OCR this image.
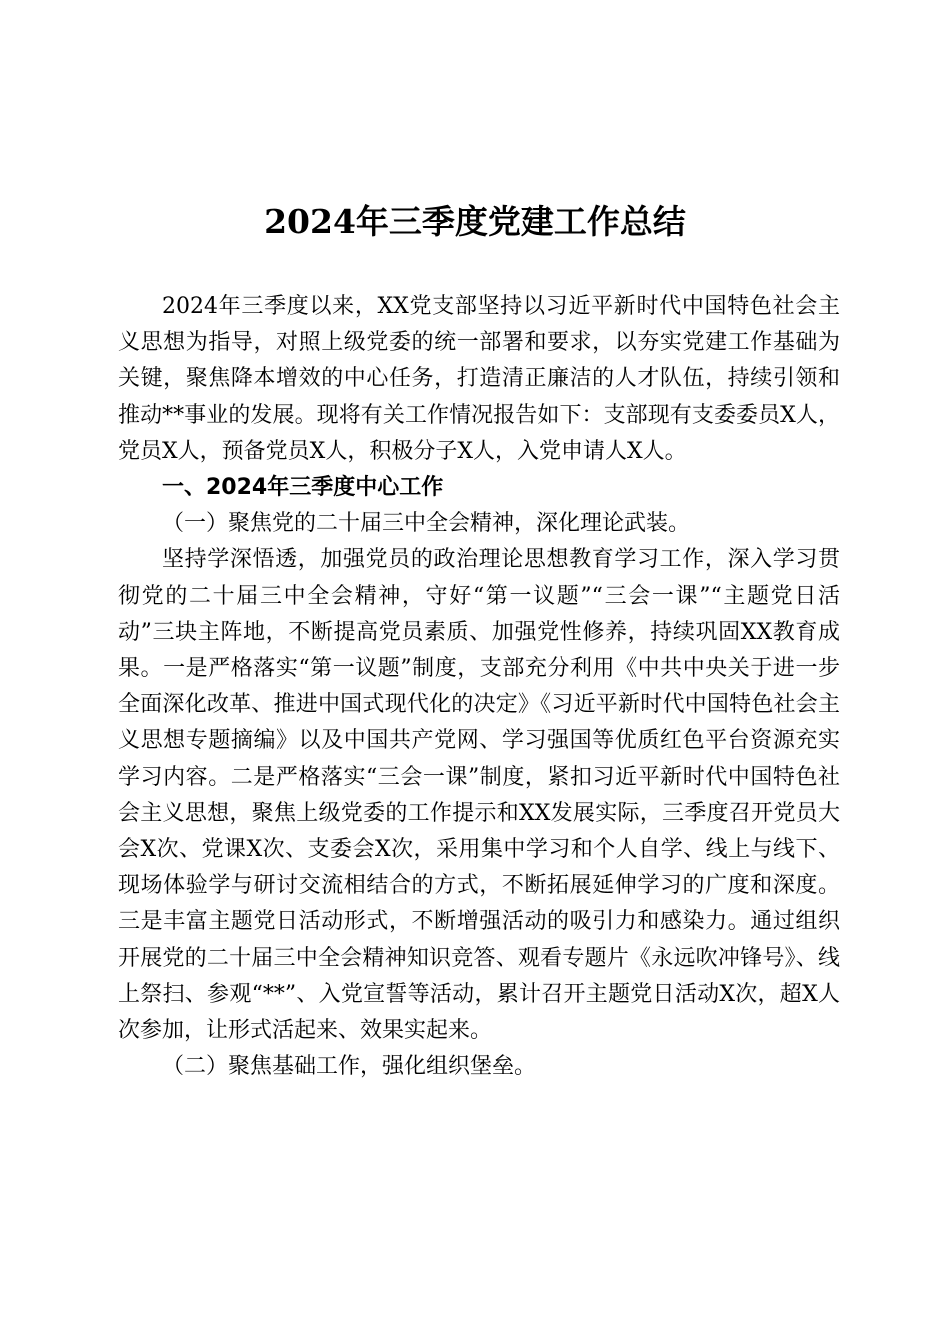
2024年三季度党建工作总结

2024年三季度以来，XX党支部坚持以习近平新时代中国特色社会主义思想为指导，对照上级党委的统一部署和要求，以夯实党建工作基础为关键，聚焦降本增效的中心任务，打造清正廉洁的人才队伍，持续引领和推动**事业的发展。现将有关工作情况报告如下：支部现有支委委员X人，党员X人，预备党员X人，积极分子X人，入党申请人X人。

一、2024年三季度中心工作

（一）聚焦党的二十届三中全会精神，深化理论武装。

坚持学深悟透，加强党员的政治理论思想教育学习工作，深入学习贯彻党的二十届三中全会精神，守好“第一议题”“三会一课”“主题党日活动”三块主阵地，不断提高党员素质、加强党性修养，持续巩固XX教育成果。一是严格落实“第一议题”制度，支部充分利用《中共中央关于进一步全面深化改革、推进中国式现代化的决定》《习近平新时代中国特色社会主义思想专题摘编》以及中国共产党网、学习强国等优质红色平台资源充实学习内容。二是严格落实“三会一课”制度，紧扣习近平新时代中国特色社会主义思想，聚焦上级党委的工作提示和XX发展实际，三季度召开党员大会X次、党课X次、支委会X次，采用集中学习和个人自学、线上与线下、现场体验学与研讨交流相结合的方式，不断拓展延伸学习的广度和深度。三是丰富主题党日活动形式，不断增强活动的吸引力和感染力。通过组织开展党的二十届三中全会精神知识竞答、观看专题片《永远吹冲锋号》、线上祭扫、参观“**”、入党宣誓等活动，累计召开主题党日活动X次，超X人次参加，让形式活起来、效果实起来。

（二）聚焦基础工作，强化组织堡垒。
